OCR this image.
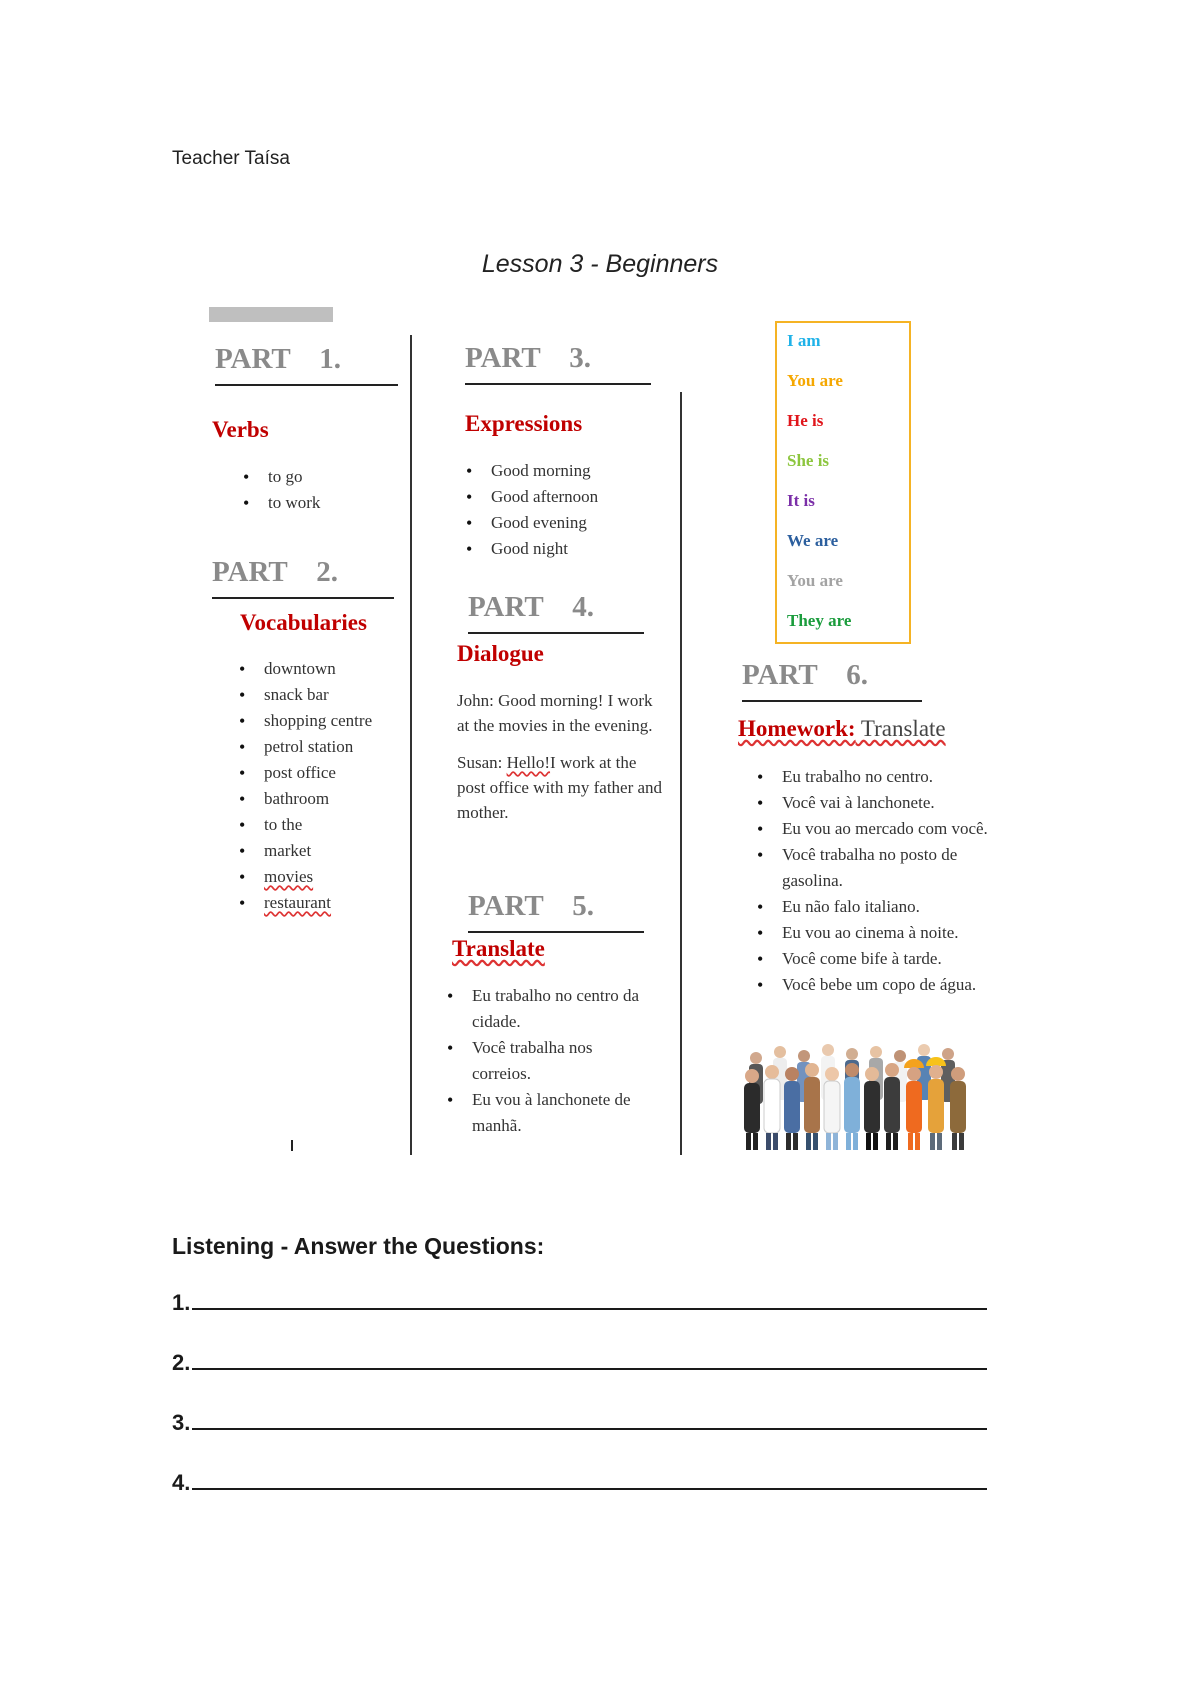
Teacher Taísa
Lesson 3 - Beginners
PART    1.
Verbs
• to go
• to work
PART    2.
Vocabularies
• downtown
• snack bar
• shopping centre
• petrol station
• post office
• bathroom
• to the
• market
• movies
• restaurant
PART    3.
Expressions
• Good morning
• Good afternoon
• Good evening
• Good night
PART    4.
Dialogue

John: Good morning! I work at the movies in the evening.

Susan: Hello!I work at the post office with my father and mother.

PART    5.
Translate
• Eu trabalho no centro da cidade.
• Você trabalha nos correios.
• Eu vou à lanchonete de manhã.
I am
You are
He is
She is
It is
We are
You are
They are
PART    6.
Homework: Translate
• Eu trabalho no centro.
• Você vai à lanchonete.
• Eu vou ao mercado com você.
• Você trabalha no posto de gasolina.
• Eu não falo italiano.
• Eu vou ao cinema à noite.
• Você come bife à tarde.
• Você bebe um copo de água.
Listening - Answer the Questions:
1.
2.
3.
4.
